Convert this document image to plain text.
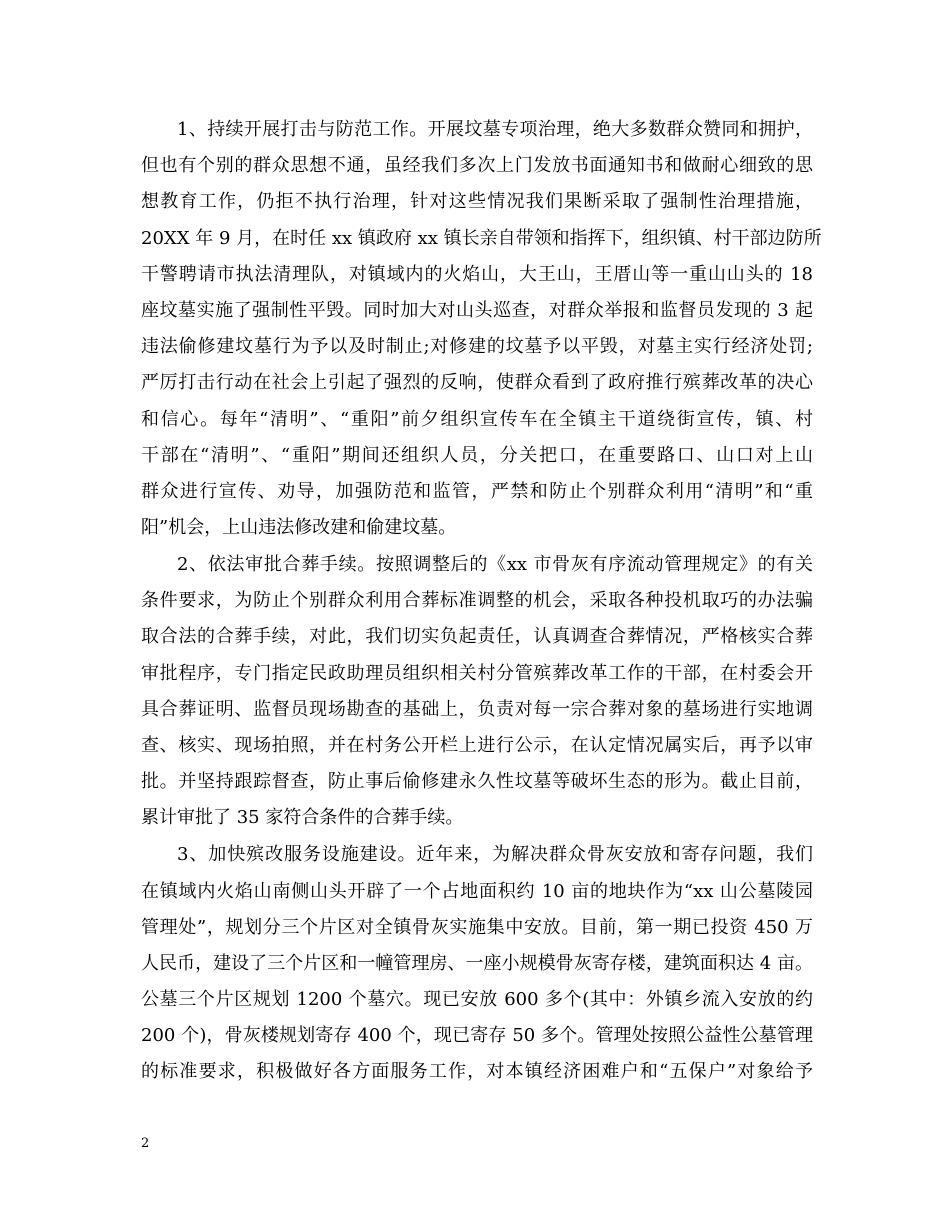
1、持续开展打击与防范工作。开展坟墓专项治理，绝大多数群众赞同和拥护，
但也有个别的群众思想不通，虽经我们多次上门发放书面通知书和做耐心细致的思
想教育工作，仍拒不执行治理，针对这些情况我们果断采取了强制性治理措施，
20XX 年 9 月，在时任 xx 镇政府 xx 镇长亲自带领和指挥下，组织镇、村干部边防所
干警聘请市执法清理队，对镇域内的火焰山，大王山，王厝山等一重山山头的 18
座坟墓实施了强制性平毁。同时加大对山头巡查，对群众举报和监督员发现的 3 起
违法偷修建坟墓行为予以及时制止;对修建的坟墓予以平毁，对墓主实行经济处罚;
严厉打击行动在社会上引起了强烈的反响，使群众看到了政府推行殡葬改革的决心
和信心。每年“清明”、“重阳”前夕组织宣传车在全镇主干道绕街宣传，镇、村
干部在“清明”、“重阳”期间还组织人员，分关把口，在重要路口、山口对上山
群众进行宣传、劝导，加强防范和监管，严禁和防止个别群众利用“清明”和“重
阳”机会，上山违法修改建和偷建坟墓。
2、依法审批合葬手续。按照调整后的《xx 市骨灰有序流动管理规定》的有关
条件要求，为防止个别群众利用合葬标准调整的机会，采取各种投机取巧的办法骗
取合法的合葬手续，对此，我们切实负起责任，认真调查合葬情况，严格核实合葬
审批程序，专门指定民政助理员组织相关村分管殡葬改革工作的干部，在村委会开
具合葬证明、监督员现场勘查的基础上，负责对每一宗合葬对象的墓场进行实地调
查、核实、现场拍照，并在村务公开栏上进行公示，在认定情况属实后，再予以审
批。并坚持跟踪督查，防止事后偷修建永久性坟墓等破坏生态的形为。截止目前，
累计审批了 35 家符合条件的合葬手续。
3、加快殡改服务设施建设。近年来，为解决群众骨灰安放和寄存问题，我们
在镇域内火焰山南侧山头开辟了一个占地面积约 10 亩的地块作为“xx 山公墓陵园
管理处”，规划分三个片区对全镇骨灰实施集中安放。目前，第一期已投资 450 万
人民币，建设了三个片区和一幢管理房、一座小规模骨灰寄存楼，建筑面积达 4 亩。
公墓三个片区规划 1200 个墓穴。现已安放 600 多个(其中：外镇乡流入安放的约
200 个)，骨灰楼规划寄存 400 个，现已寄存 50 多个。管理处按照公益性公墓管理
的标准要求，积极做好各方面服务工作，对本镇经济困难户和“五保户”对象给予
2
